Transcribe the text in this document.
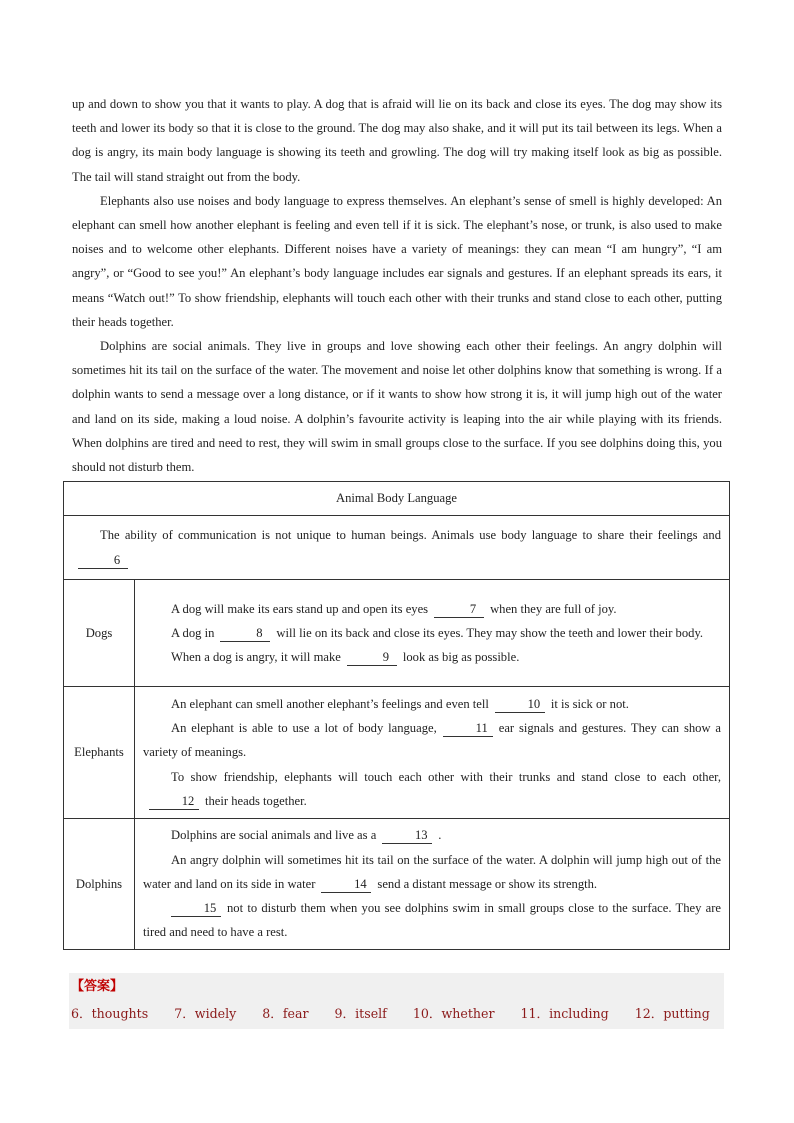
up and down to show you that it wants to play. A dog that is afraid will lie on its back and close its eyes. The dog may show its teeth and lower its body so that it is close to the ground. The dog may also shake, and it will put its tail between its legs. When a dog is angry, its main body language is showing its teeth and growling. The dog will try making itself look as big as possible. The tail will stand straight out from the body.

Elephants also use noises and body language to express themselves. An elephant’s sense of smell is highly developed: An elephant can smell how another elephant is feeling and even tell if it is sick. The elephant’s nose, or trunk, is also used to make noises and to welcome other elephants. Different noises have a variety of meanings: they can mean “I am hungry”, “I am angry”, or “Good to see you!” An elephant’s body language includes ear signals and gestures. If an elephant spreads its ears, it means “Watch out!” To show friendship, elephants will touch each other with their trunks and stand close to each other, putting their heads together.

Dolphins are social animals. They live in groups and love showing each other their feelings. An angry dolphin will sometimes hit its tail on the surface of the water. The movement and noise let other dolphins know that something is wrong. If a dolphin wants to send a message over a long distance, or if it wants to show how strong it is, it will jump high out of the water and land on its side, making a loud noise. A dolphin’s favourite activity is leaping into the air while playing with its friends. When dolphins are tired and need to rest, they will swim in small groups close to the surface. If you see dolphins doing this, you should not disturb them.

Animal Body Language	

The ability of communication is not unique to human beings. Animals use body language to share their feelings and6	

Dogs	A dog will make its ears stand up and open its eyes 7 when they are full of joy.

A dog in 8 will lie on its back and close its eyes. They may show the teeth and lower their body.

When a dog is angry, it will make 9 look as big as possible.

Elephants	An elephant can smell another elephant’s feelings and even tell 10 it is sick or not.

An elephant is able to use a lot of body language, 11 ear signals and gestures. They can show a variety of meanings.

To show friendship, elephants will touch each other with their trunks and stand close to each other,12 their heads together.

Dolphins	Dolphins are social animals and live as a 13 .

An angry dolphin will sometimes hit its tail on the surface of the water. A dolphin will jump high out of the water and land on its side in water 14 send a distant message or show its strength.

15 not to disturb them when you see dolphins swim in small groups close to the surface. They are tired and need to have a rest.

【答案】
6．thoughts 7．widely 8．fear 9．itself 10．whether 11．including 12．putting
